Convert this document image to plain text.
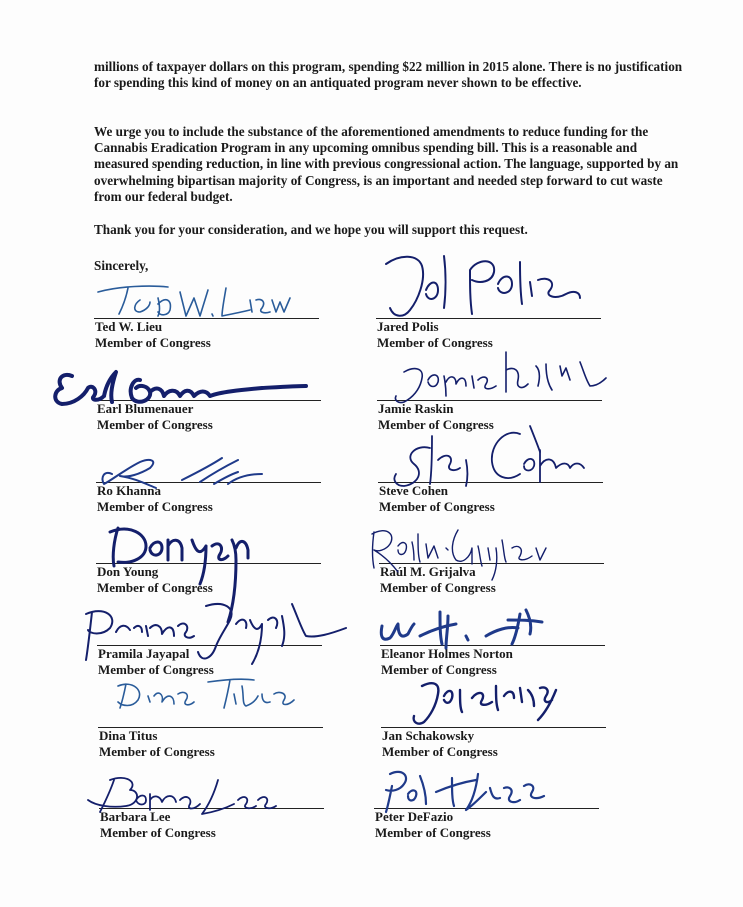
millions of taxpayer dollars on this program, spending $22 million in 2015 alone. There is no justification for spending this kind of money on an antiquated program never shown to be effective.

We urge you to include the substance of the aforementioned amendments to reduce funding for the Cannabis Eradication Program in any upcoming omnibus spending bill. This is a reasonable and measured spending reduction, in line with previous congressional action. The language, supported by an overwhelming bipartisan majority of Congress, is an important and needed step forward to cut waste from our federal budget.

Thank you for your consideration, and we hope you will support this request.

Sincerely,
Ted W. Lieu
Member of Congress
Earl Blumenauer
Member of Congress
Ro Khanna
Member of Congress
Don Young
Member of Congress
Pramila Jayapal
Member of Congress
Dina Titus
Member of Congress
Barbara Lee
Member of Congress
Jared Polis
Member of Congress
Jamie Raskin
Member of Congress
Steve Cohen
Member of Congress
Raúl M. Grijalva
Member of Congress
Eleanor Holmes Norton
Member of Congress
Jan Schakowsky
Member of Congress
Peter DeFazio
Member of Congress
